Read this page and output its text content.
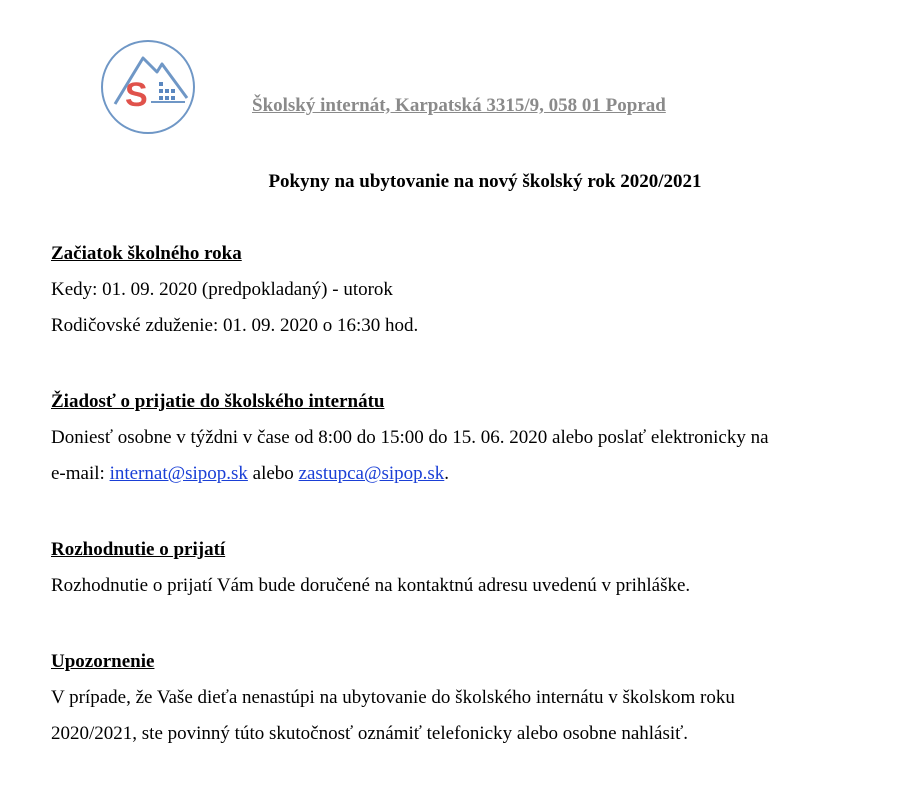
S	Školský internát, Karpatská 3315/9, 058 01 Poprad
Pokyny na ubytovanie na nový školský rok 2020/2021
Začiatok školného roka
Kedy: 01. 09. 2020 (predpokladaný) - utorok
Rodičovské zduženie: 01. 09. 2020 o 16:30 hod.
Žiadosť o prijatie do školského internátu
Doniesť osobne v týždni v čase od 8:00 do 15:00 do 15. 06. 2020 alebo poslať elektronicky na
e-mail: internat@sipop.sk alebo zastupca@sipop.sk.
Rozhodnutie o prijatí
Rozhodnutie o prijatí Vám bude doručené na kontaktnú adresu uvedenú v prihláške.
Upozornenie
V prípade, že Vaše dieťa nenastúpi na ubytovanie do školského internátu v školskom roku
2020/2021, ste povinný túto skutočnosť oznámiť telefonicky alebo osobne nahlásiť.
